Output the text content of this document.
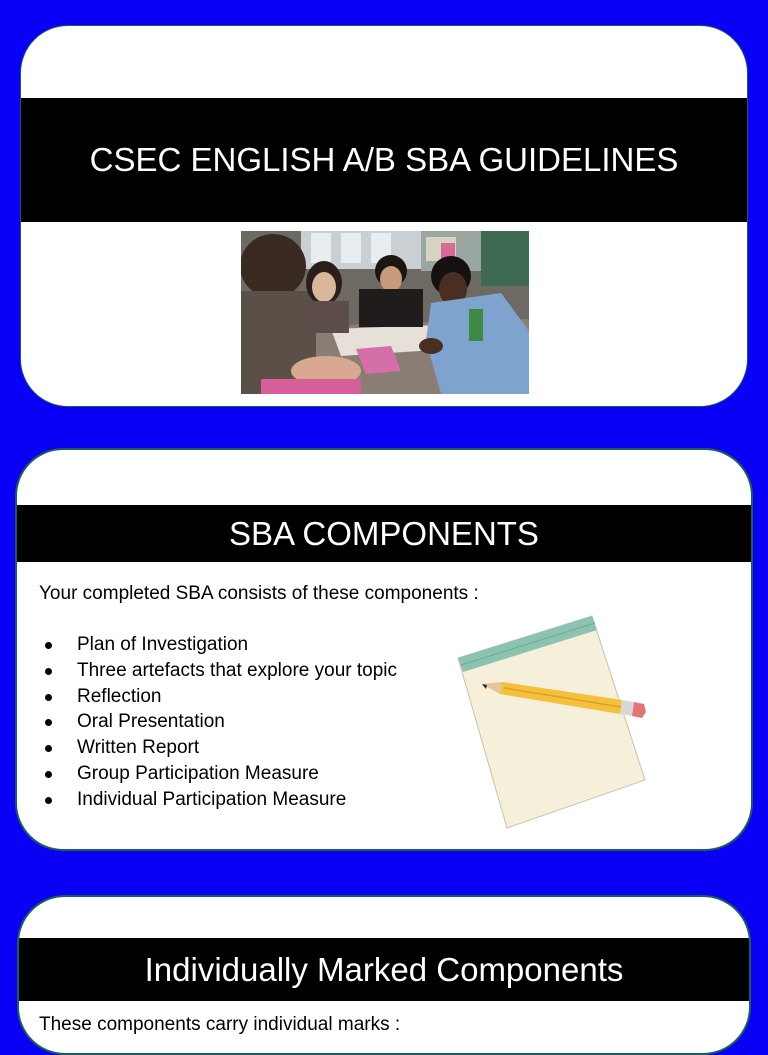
CSEC ENGLISH A/B SBA GUIDELINES
SBA COMPONENTS
Your completed SBA consists of these components :
Plan of Investigation
Three artefacts that explore your topic
Reflection
Oral Presentation
Written Report
Group Participation Measure
Individual Participation Measure
Individually Marked Components
These components carry individual marks :
